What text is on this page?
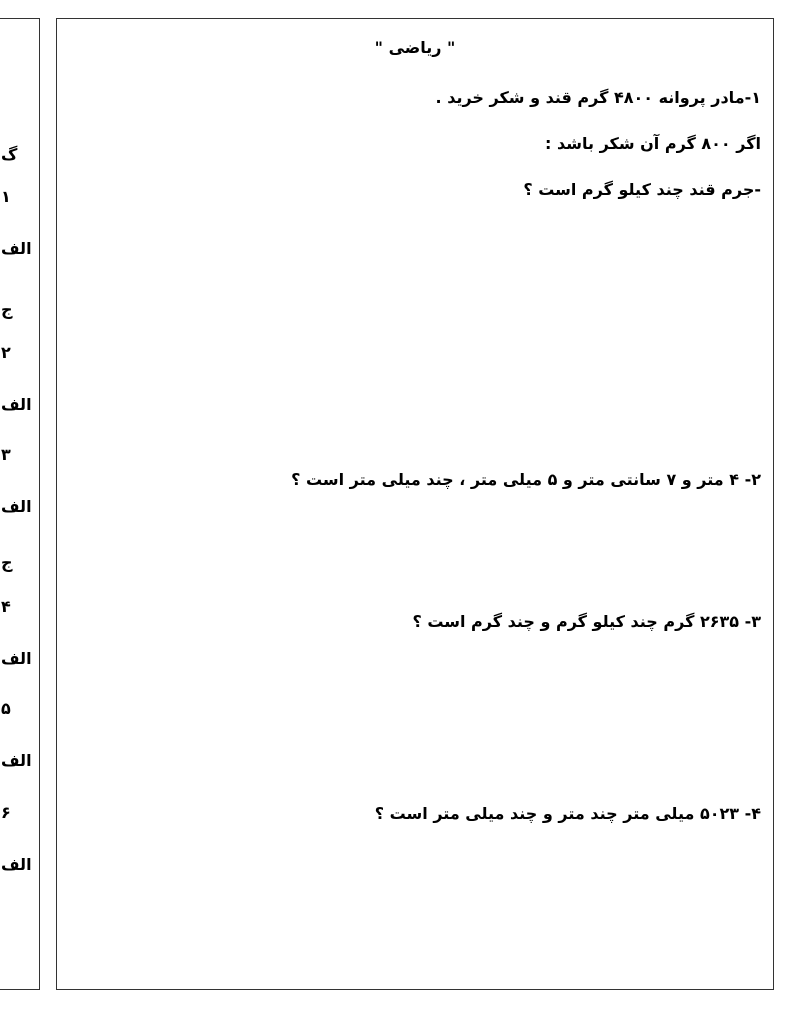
گ
۱
الف
ج
۲
الف
۳
الف
ج
۴
الف
۵
الف
۶
الف
" ریاضی "
۱-مادر پروانه ۴۸۰۰ گرم قند و شکر خرید .
اگر ۸۰۰ گرم آن شکر باشد :
-جرم قند چند کیلو گرم است ؟
۲- ۴ متر و ۷ سانتی متر و ۵ میلی متر ، چند میلی متر است ؟
۳- ۲۶۳۵ گرم چند کیلو گرم و چند گرم است ؟
۴- ۵۰۲۳ میلی متر چند متر و چند میلی متر است ؟
